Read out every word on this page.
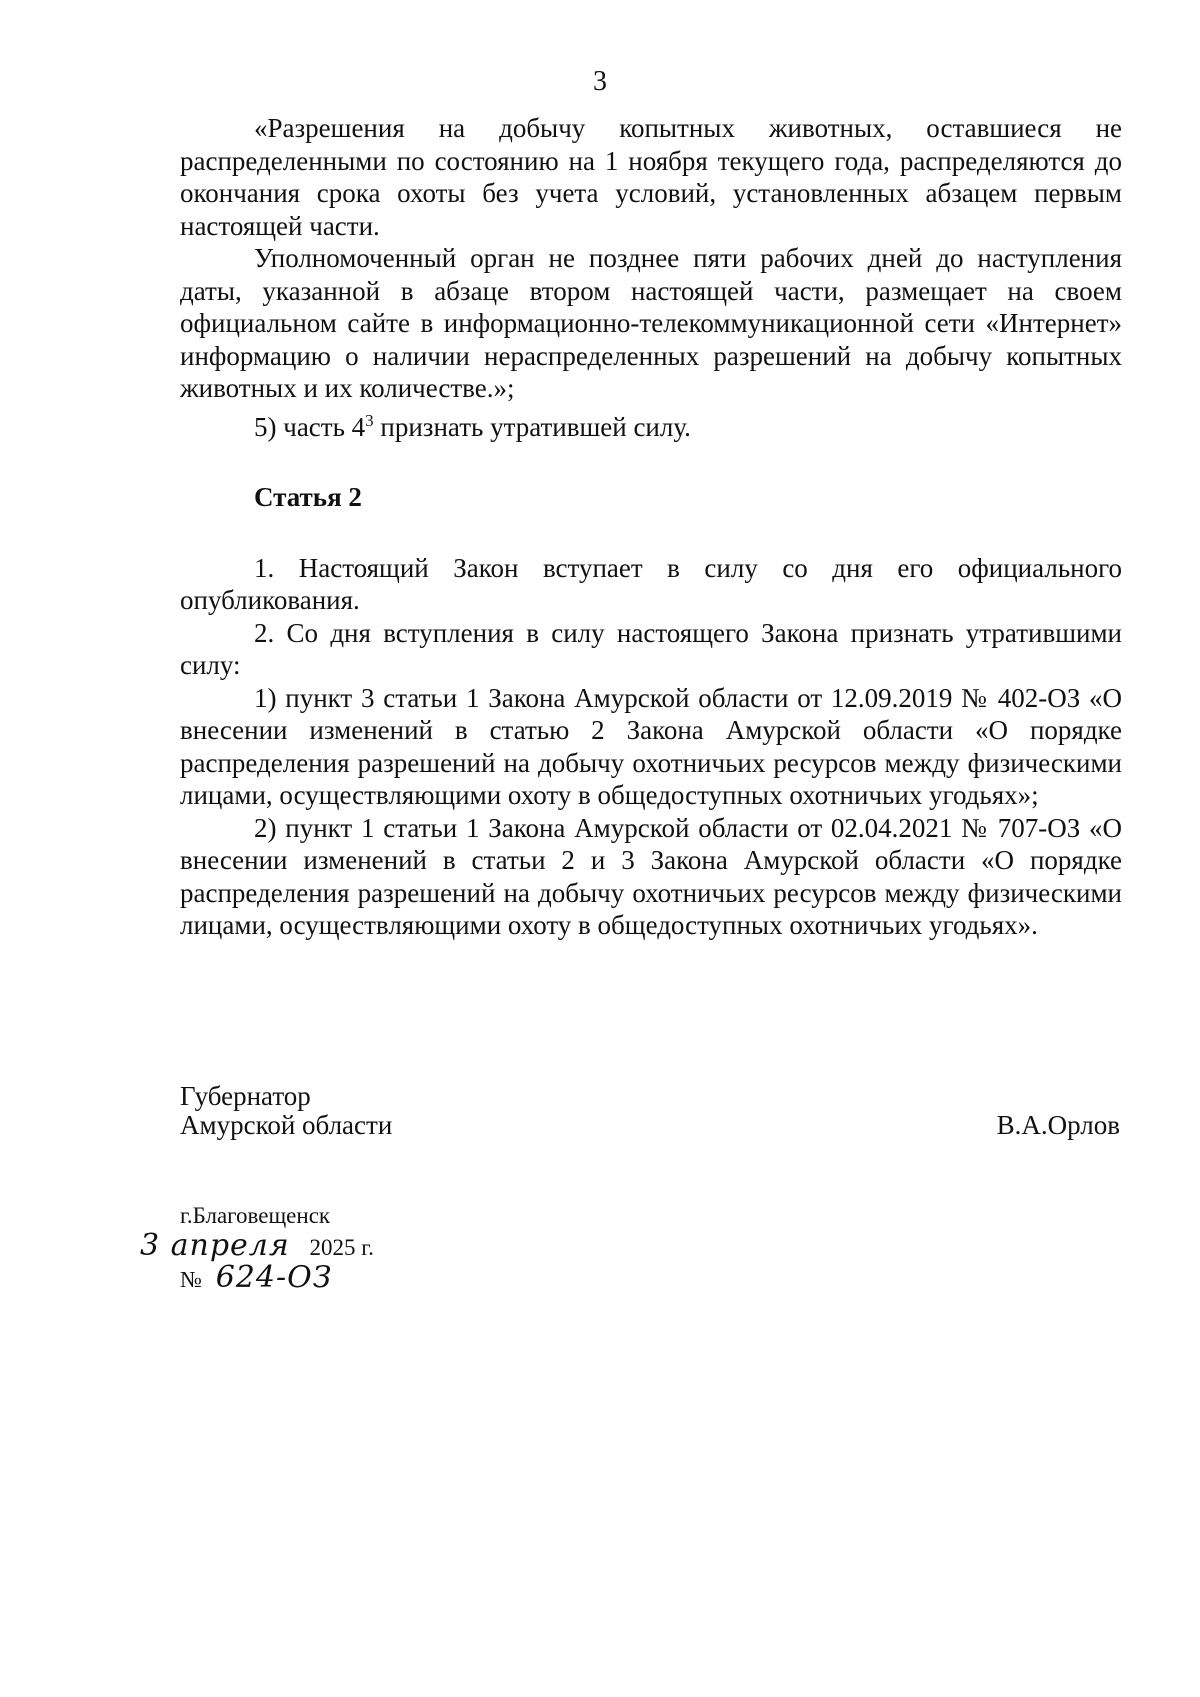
3

«Разрешения на добычу копытных животных, оставшиеся не распределенными по состоянию на 1 ноября текущего года, распределяются до окончания срока охоты без учета условий, установленных абзацем первым настоящей части.

Уполномоченный орган не позднее пяти рабочих дней до наступления даты, указанной в абзаце втором настоящей части, размещает на своем официальном сайте в информационно-телекоммуникационной сети «Интернет» информацию о наличии нераспределенных разрешений на добычу копытных животных и их количестве.»;

5) часть $4^3$ признать утратившей силу.

Статья 2

1. Настоящий Закон вступает в силу со дня его официального опубликования.

2. Со дня вступления в силу настоящего Закона признать утратившими силу:

1) пункт 3 статьи 1 Закона Амурской области от 12.09.2019 № 402-ОЗ «О внесении изменений в статью 2 Закона Амурской области «О порядке распределения разрешений на добычу охотничьих ресурсов между физическими лицами, осуществляющими охоту в общедоступных охотничьих угодьях»;

2) пункт 1 статьи 1 Закона Амурской области от 02.04.2021 № 707-ОЗ «О внесении изменений в статьи 2 и 3 Закона Амурской области «О порядке распределения разрешений на добычу охотничьих ресурсов между физическими лицами, осуществляющими охоту в общедоступных охотничьих угодьях».

Губернатор
Амурской области	В.А.Орлов
г.Благовещенск
3 апреля 2025 г.
№ 624-ОЗ
